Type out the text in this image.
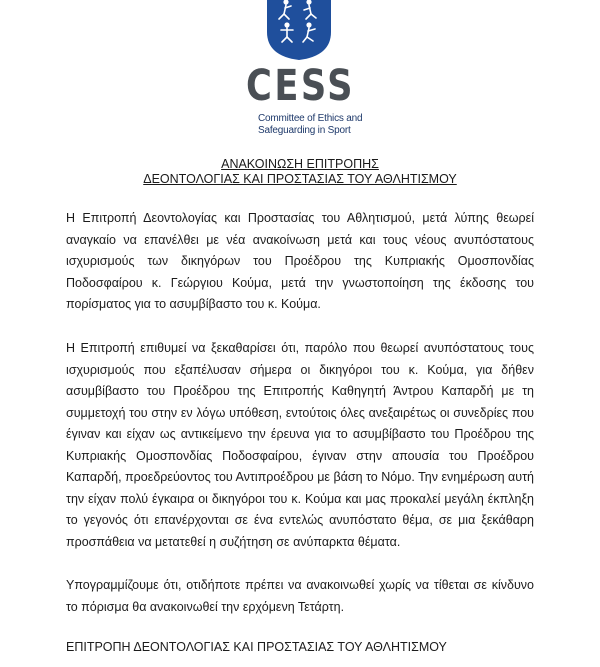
CESS
Committee of Ethics and
Safeguarding in Sport
ΑΝΑΚΟΙΝΩΣΗ ΕΠΙΤΡΟΠΗΣ
ΔΕΟΝΤΟΛΟΓΙΑΣ ΚΑΙ ΠΡΟΣΤΑΣΙΑΣ ΤΟΥ ΑΘΛΗΤΙΣΜΟΥ
Η Επιτροπή Δεοντολογίας και Προστασίας του Αθλητισμού, μετά λύπης θεωρεί αναγκαίο να επανέλθει με νέα ανακοίνωση μετά και τους νέους ανυπόστατους ισχυρισμούς των δικηγόρων του Προέδρου της Κυπριακής Ομοσπονδίας Ποδοσφαίρου κ. Γεώργιου Κούμα, μετά την γνωστοποίηση της έκδοσης του πορίσματος για το ασυμβίβαστο του κ. Κούμα.
Η Επιτροπή επιθυμεί να ξεκαθαρίσει ότι, παρόλο που θεωρεί ανυπόστατους τους ισχυρισμούς που εξαπέλυσαν σήμερα οι δικηγόροι του κ. Κούμα, για δήθεν ασυμβίβαστο του Προέδρου της Επιτροπής Καθηγητή Άντρου Καπαρδή με τη συμμετοχή του στην εν λόγω υπόθεση, εντούτοις όλες ανεξαιρέτως οι συνεδρίες που έγιναν και είχαν ως αντικείμενο την έρευνα για το ασυμβίβαστο του Προέδρου της Κυπριακής Ομοσπονδίας Ποδοσφαίρου, έγιναν στην απουσία του Προέδρου Καπαρδή, προεδρεύοντος του Αντιπροέδρου με βάση το Νόμο. Την ενημέρωση αυτή την είχαν πολύ έγκαιρα οι δικηγόροι του κ. Κούμα και μας προκαλεί μεγάλη έκπληξη το γεγονός ότι επανέρχονται σε ένα εντελώς ανυπόστατο θέμα, σε μια ξεκάθαρη προσπάθεια να μετατεθεί η συζήτηση σε ανύπαρκτα θέματα.
Υπογραμμίζουμε ότι, οτιδήποτε πρέπει να ανακοινωθεί χωρίς να τίθεται σε κίνδυνο το πόρισμα θα ανακοινωθεί την ερχόμενη Τετάρτη.
ΕΠΙΤΡΟΠΗ ΔΕΟΝΤΟΛΟΓΙΑΣ ΚΑΙ ΠΡΟΣΤΑΣΙΑΣ ΤΟΥ ΑΘΛΗΤΙΣΜΟΥ
